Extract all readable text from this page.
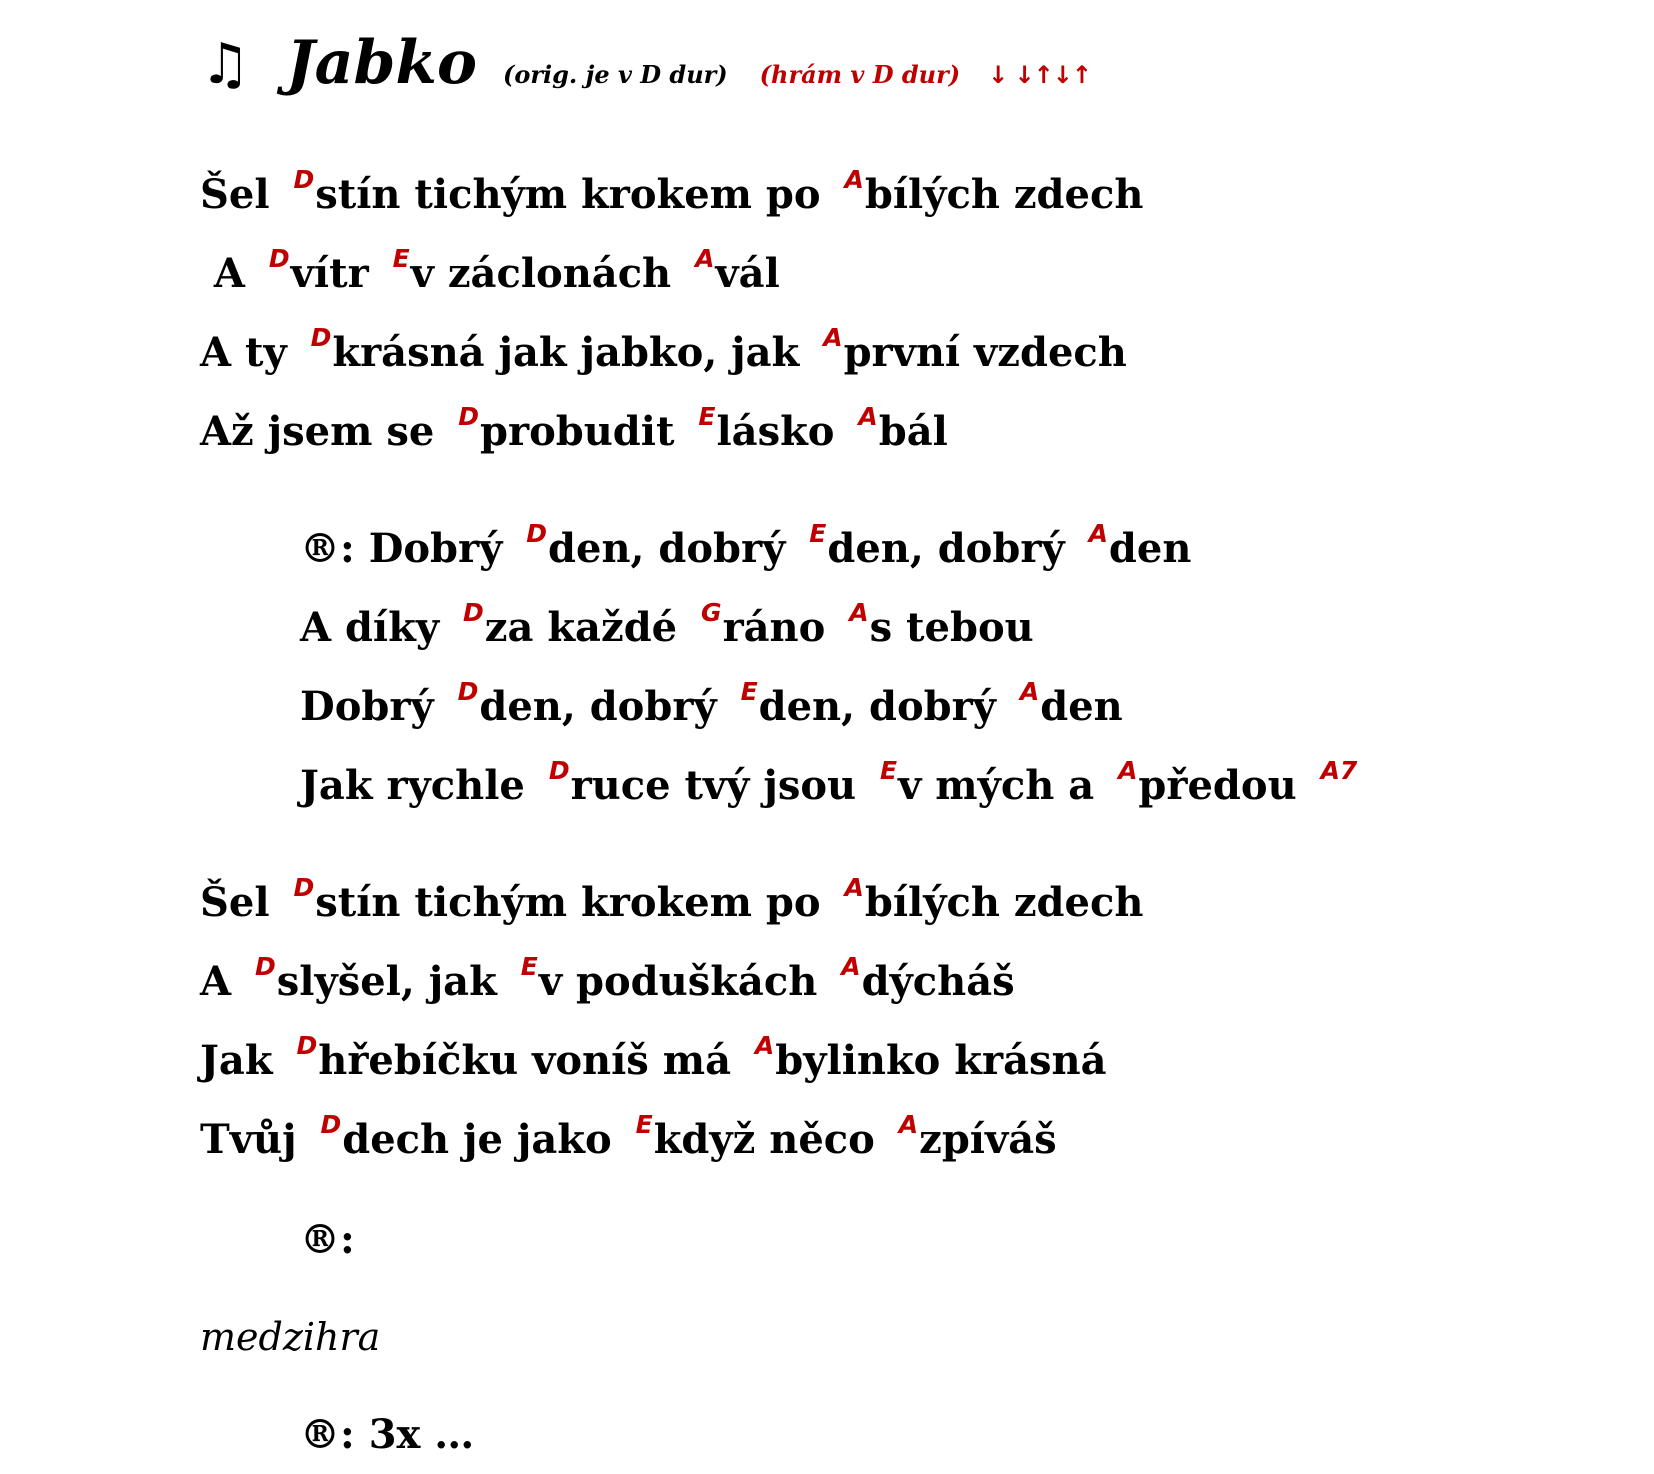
♫ Jabko (orig. je v D dur) (hrám v D dur) ↓ ↓↑↓↑
Šel $^D$stín tichým krokem po $^A$bílých zdech
A $^D$vítr $^E$v záclonách $^A$vál
A ty $^D$krásná jak jabko, jak $^A$první vzdech
Až jsem se $^D$probudit $^E$lásko $^A$bál
®: Dobrý $^D$den, dobrý $^E$den, dobrý $^A$den
A díky $^D$za každé $^G$ráno $^A$s tebou
Dobrý $^D$den, dobrý $^E$den, dobrý $^A$den
Jak rychle $^D$ruce tvý jsou $^E$v mých a $^A$předou $^{A7}$
Šel $^D$stín tichým krokem po $^A$bílých zdech
A $^D$slyšel, jak $^E$v poduškách $^A$dýcháš
Jak $^D$hřebíčku voníš má $^A$bylinko krásná
Tvůj $^D$dech je jako $^E$když něco $^A$zpíváš
®:
medzihra
®: 3x …
